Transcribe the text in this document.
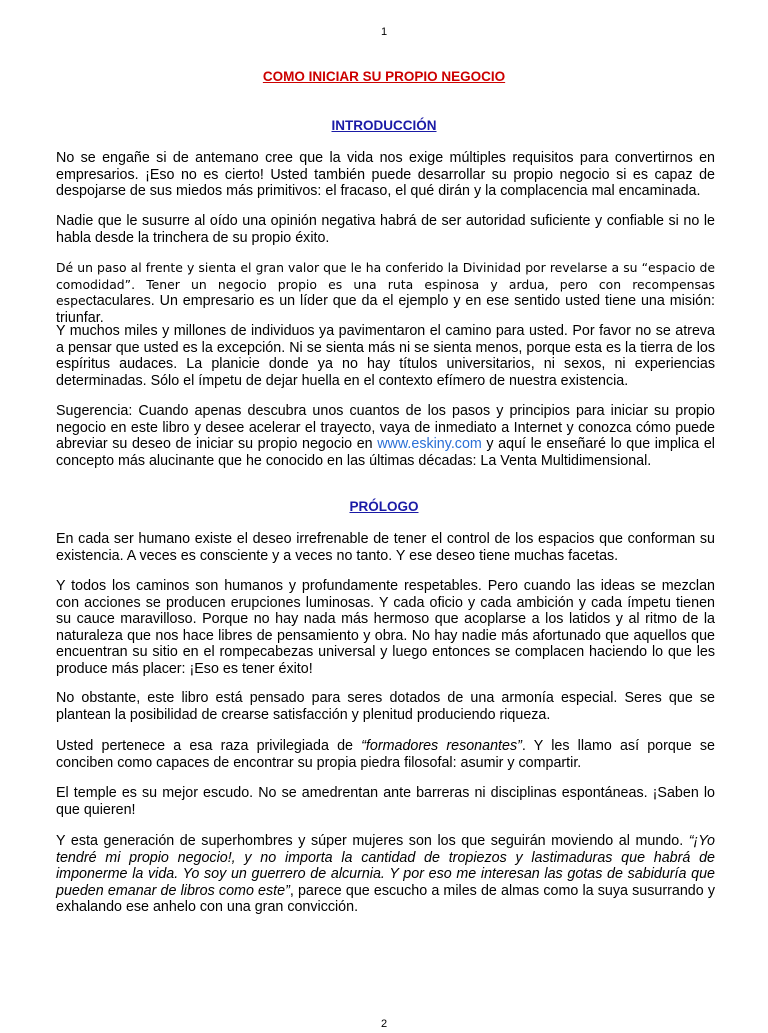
1
COMO INICIAR SU PROPIO NEGOCIO
INTRODUCCIÓN

No se engañe si de antemano cree que la vida nos exige múltiples requisitos para convertirnos en empresarios. ¡Eso no es cierto! Usted también puede desarrollar su propio negocio si es capaz de despojarse de sus miedos más primitivos: el fracaso, el qué dirán y la complacencia mal encaminada.

Nadie que le susurre al oído una opinión negativa habrá de ser autoridad suficiente y confiable si no le habla desde la trinchera de su propio éxito.

Dé un paso al frente y sienta el gran valor que le ha conferido la Divinidad por revelarse a su “espacio de comodidad”. Tener un negocio propio es una ruta espinosa y ardua, pero con recompensas espectaculares. Un empresario es un líder que da el ejemplo y en ese sentido usted tiene una misión: triunfar.

Y muchos miles y millones de individuos ya pavimentaron el camino para usted. Por favor no se atreva a pensar que usted es la excepción. Ni se sienta más ni se sienta menos, porque esta es la tierra de los espíritus audaces. La planicie donde ya no hay títulos universitarios, ni sexos, ni experiencias determinadas. Sólo el ímpetu de dejar huella en el contexto efímero de nuestra existencia.

Sugerencia: Cuando apenas descubra unos cuantos de los pasos y principios para iniciar su propio negocio en este libro y desee acelerar el trayecto, vaya de inmediato a Internet y conozca cómo puede abreviar su deseo de iniciar su propio negocio en www.eskiny.com y aquí le enseñaré lo que implica el concepto más alucinante que he conocido en las últimas décadas: La Venta Multidimensional.

PRÓLOGO

En cada ser humano existe el deseo irrefrenable de tener el control de los espacios que conforman su existencia. A veces es consciente y a veces no tanto. Y ese deseo tiene muchas facetas.

Y todos los caminos son humanos y profundamente respetables. Pero cuando las ideas se mezclan con acciones se producen erupciones luminosas. Y cada oficio y cada ambición y cada ímpetu tienen su cauce maravilloso. Porque no hay nada más hermoso que acoplarse a los latidos y al ritmo de la naturaleza que nos hace libres de pensamiento y obra. No hay nadie más afortunado que aquellos que encuentran su sitio en el rompecabezas universal y luego entonces se complacen haciendo lo que les produce más placer: ¡Eso es tener éxito!

No obstante, este libro está pensado para seres dotados de una armonía especial. Seres que se plantean la posibilidad de crearse satisfacción y plenitud produciendo riqueza.

Usted pertenece a esa raza privilegiada de “formadores resonantes”. Y les llamo así porque se conciben como capaces de encontrar su propia piedra filosofal: asumir y compartir.

El temple es su mejor escudo. No se amedrentan ante barreras ni disciplinas espontáneas. ¡Saben lo que quieren!

Y esta generación de superhombres y súper mujeres son los que seguirán moviendo al mundo. “¡Yo tendré mi propio negocio!, y no importa la cantidad de tropiezos y lastimaduras que habrá de imponerme la vida. Yo soy un guerrero de alcurnia. Y por eso me interesan las gotas de sabiduría que pueden emanar de libros como este”, parece que escucho a miles de almas como la suya susurrando y exhalando ese anhelo con una gran convicción.

2
